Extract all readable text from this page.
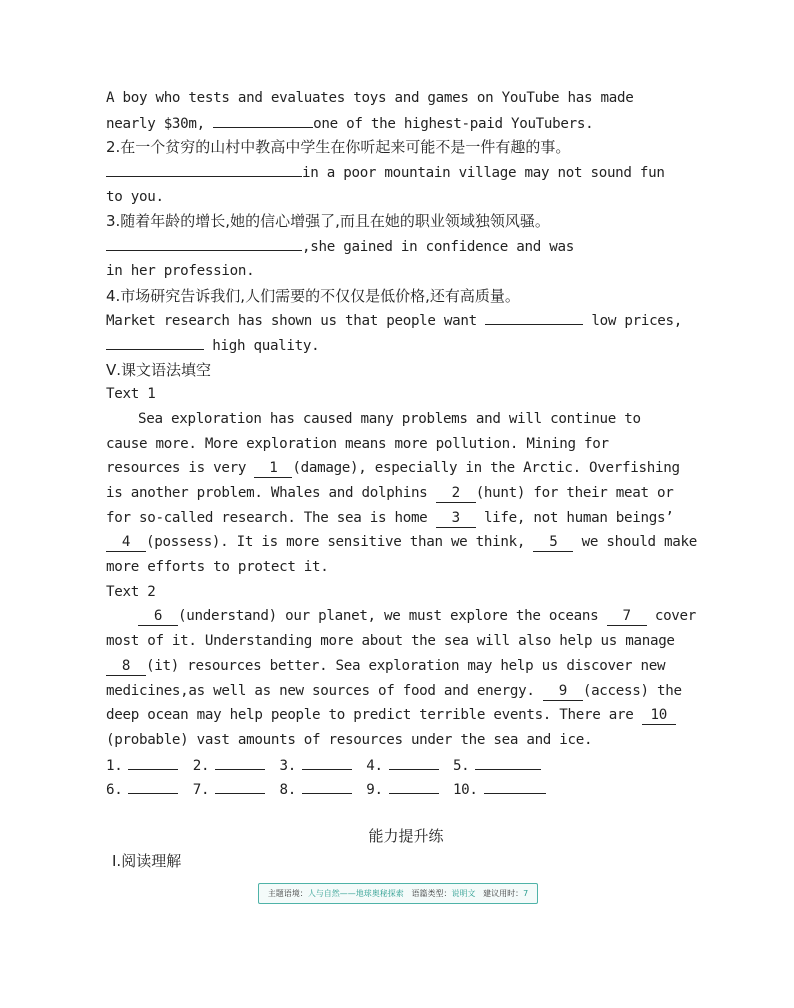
A boy who tests and evaluates toys and games on YouTube has made
nearly $30m,	one of the highest-paid YouTubers.
2.在一个贫穷的山村中教高中学生在你听起来可能不是一件有趣的事。
in a poor mountain village may not sound fun
to you.
3.随着年龄的增长,她的信心增强了,而且在她的职业领域独领风骚。
,she gained in confidence and was
in her profession.
4.市场研究告诉我们,人们需要的不仅仅是低价格,还有高质量。
Market research has shown us that people want	low prices,
high quality.
Ⅴ.课文语法填空
Text 1
Sea exploration has caused many problems and will continue to
cause more. More exploration means more pollution. Mining for
resources is very 1 (damage), especially in the Arctic. Overfishing
is another problem. Whales and dolphins 2 (hunt) for their meat or
for so-called research. The sea is home 3 life, not human beings’
4 (possess). It is more sensitive than we think, 5 we should make
more efforts to protect it.
Text 2
6 (understand) our planet, we must explore the oceans 7 cover
most of it. Understanding more about the sea will also help us manage
8 (it) resources better. Sea exploration may help us discover new
medicines,as well as new sources of food and energy. 9 (access) the
deep ocean may help people to predict terrible events. There are 10
(probable) vast amounts of resources under the sea and ice.
1.	2.	3.	4.	5.
6.	7.	8.	9.	10.
能力提升练
Ⅰ.阅读理解
主题语境：人与自然——地球奥秘探索 语篇类型：说明文 建议用时：7
